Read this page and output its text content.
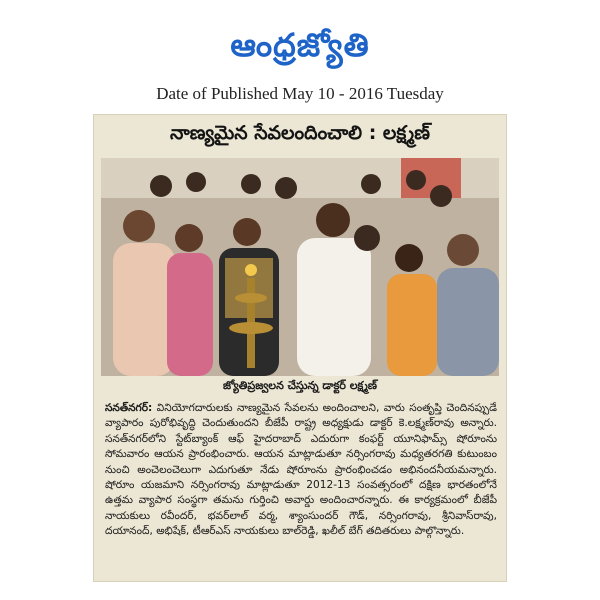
ఆంధ్రజ్యోతి
Date of Published May 10 - 2016 Tuesday
నాణ్యమైన సేవలందించాలి : లక్ష్మణ్
జ్యోతిప్రజ్వలన చేస్తున్న డాక్టర్ లక్ష్మణ్
సనత్‌నగర్: వినియోగదారులకు నాణ్యమైన సేవలను అందించాలని, వారు సంతృప్తి చెందినప్పుడే వ్యాపారం పురోభివృద్ధి చెందుతుందని బీజేపీ రాష్ట్ర అధ్యక్షుడు డాక్టర్ కె.లక్ష్మణ్‌రావు అన్నారు. సనత్‌నగర్‌లోని స్టేట్‌బ్యాంక్ ఆఫ్ హైదరాబాద్ ఎదురుగా కంఫర్ట్ యూనిఫామ్స్ షోరూంను సోమవారం ఆయన ప్రారంభించారు. ఆయన మాట్లాడుతూ నర్సింగరావు మధ్యతరగతి కుటుంబం నుంచి అంచెలంచెలుగా ఎదుగుతూ నేడు షోరూంను ప్రారంభించడం అభినందనీయమన్నారు. షోరూం యజమాని నర్సింగరావు మాట్లాడుతూ 2012-13 సంవత్సరంలో దక్షిణ భారతంలోనే ఉత్తమ వ్యాపార సంస్థగా తమను గుర్తించి అవార్డు అందించారన్నారు. ఈ కార్యక్రమంలో బీజేపీ నాయకులు రవీందర్, భవర్‌లాల్ వర్మ, శ్యాంసుందర్ గౌడ్, నర్సింగరావు, శ్రీనివాస్‌రావు, దయానంద్, అభిషేక్, టీఆర్ఎస్ నాయకులు బాల్‌రెడ్డి, ఖలీల్ బేగ్ తదితరులు పాల్గొన్నారు.
